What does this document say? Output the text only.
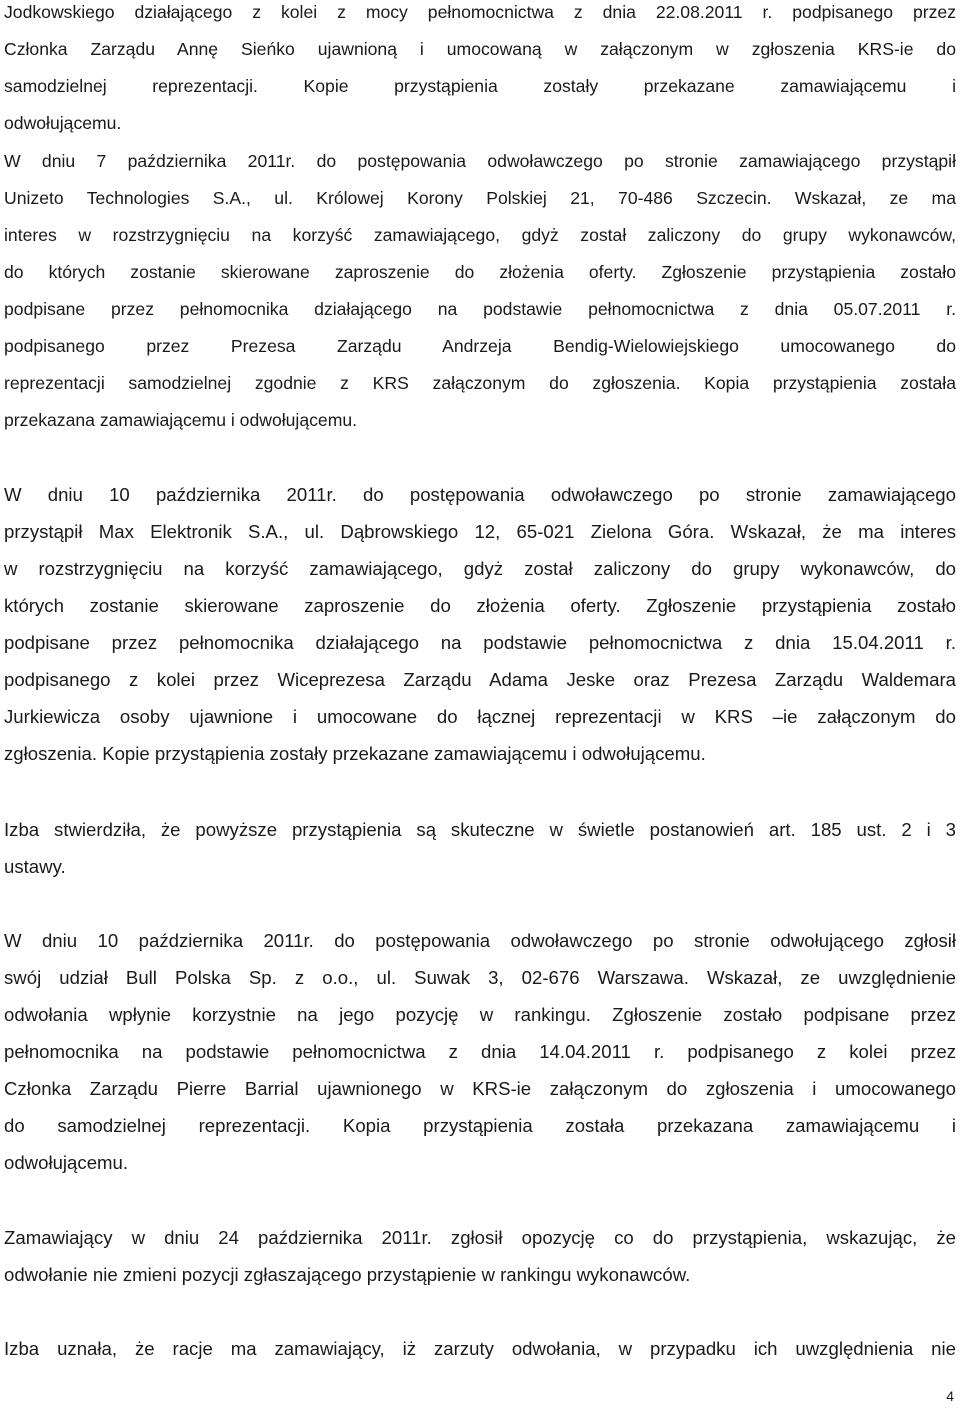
Jodkowskiego działającego z kolei z mocy pełnomocnictwa z dnia 22.08.2011 r. podpisanego przez
Członka Zarządu Annę Sieńko ujawnioną i umocowaną w załączonym w zgłoszenia KRS-ie do
samodzielnej reprezentacji. Kopie przystąpienia zostały przekazane zamawiającemu i
odwołującemu.
W dniu 7 października 2011r. do postępowania odwoławczego po stronie zamawiającego przystąpił
Unizeto Technologies S.A., ul. Królowej Korony Polskiej 21, 70-486 Szczecin. Wskazał, ze ma
interes w rozstrzygnięciu na korzyść zamawiającego, gdyż został zaliczony do grupy wykonawców,
do których zostanie skierowane zaproszenie do złożenia oferty. Zgłoszenie przystąpienia zostało
podpisane przez pełnomocnika działającego na podstawie pełnomocnictwa z dnia 05.07.2011 r.
podpisanego przez Prezesa Zarządu Andrzeja Bendig-Wielowiejskiego umocowanego do
reprezentacji samodzielnej zgodnie z KRS załączonym do zgłoszenia. Kopia przystąpienia została
przekazana zamawiającemu i odwołującemu.
W dniu 10 października 2011r. do postępowania odwoławczego po stronie zamawiającego
przystąpił Max Elektronik S.A., ul. Dąbrowskiego 12, 65-021 Zielona Góra. Wskazał, że ma interes
w rozstrzygnięciu na korzyść zamawiającego, gdyż został zaliczony do grupy wykonawców, do
których zostanie skierowane zaproszenie do złożenia oferty. Zgłoszenie przystąpienia zostało
podpisane przez pełnomocnika działającego na podstawie pełnomocnictwa z dnia 15.04.2011 r.
podpisanego z kolei przez Wiceprezesa Zarządu Adama Jeske oraz Prezesa Zarządu Waldemara
Jurkiewicza osoby ujawnione i umocowane do łącznej reprezentacji w KRS –ie załączonym do
zgłoszenia. Kopie przystąpienia zostały przekazane zamawiającemu i odwołującemu.
Izba stwierdziła, że powyższe przystąpienia są skuteczne w świetle postanowień art. 185 ust. 2 i 3
ustawy.
W dniu 10 października 2011r. do postępowania odwoławczego po stronie odwołującego zgłosił
swój udział Bull Polska Sp. z o.o., ul. Suwak 3, 02-676 Warszawa. Wskazał, ze uwzględnienie
odwołania wpłynie korzystnie na jego pozycję w rankingu. Zgłoszenie zostało podpisane przez
pełnomocnika na podstawie pełnomocnictwa z dnia 14.04.2011 r. podpisanego z kolei przez
Członka Zarządu Pierre Barrial ujawnionego w KRS-ie załączonym do zgłoszenia i umocowanego
do samodzielnej reprezentacji. Kopia przystąpienia została przekazana zamawiającemu i
odwołującemu.
Zamawiający w dniu 24 października 2011r. zgłosił opozycję co do przystąpienia, wskazując, że
odwołanie nie zmieni pozycji zgłaszającego przystąpienie w rankingu wykonawców.
Izba uznała, że racje ma zamawiający, iż zarzuty odwołania, w przypadku ich uwzględnienia nie
4
